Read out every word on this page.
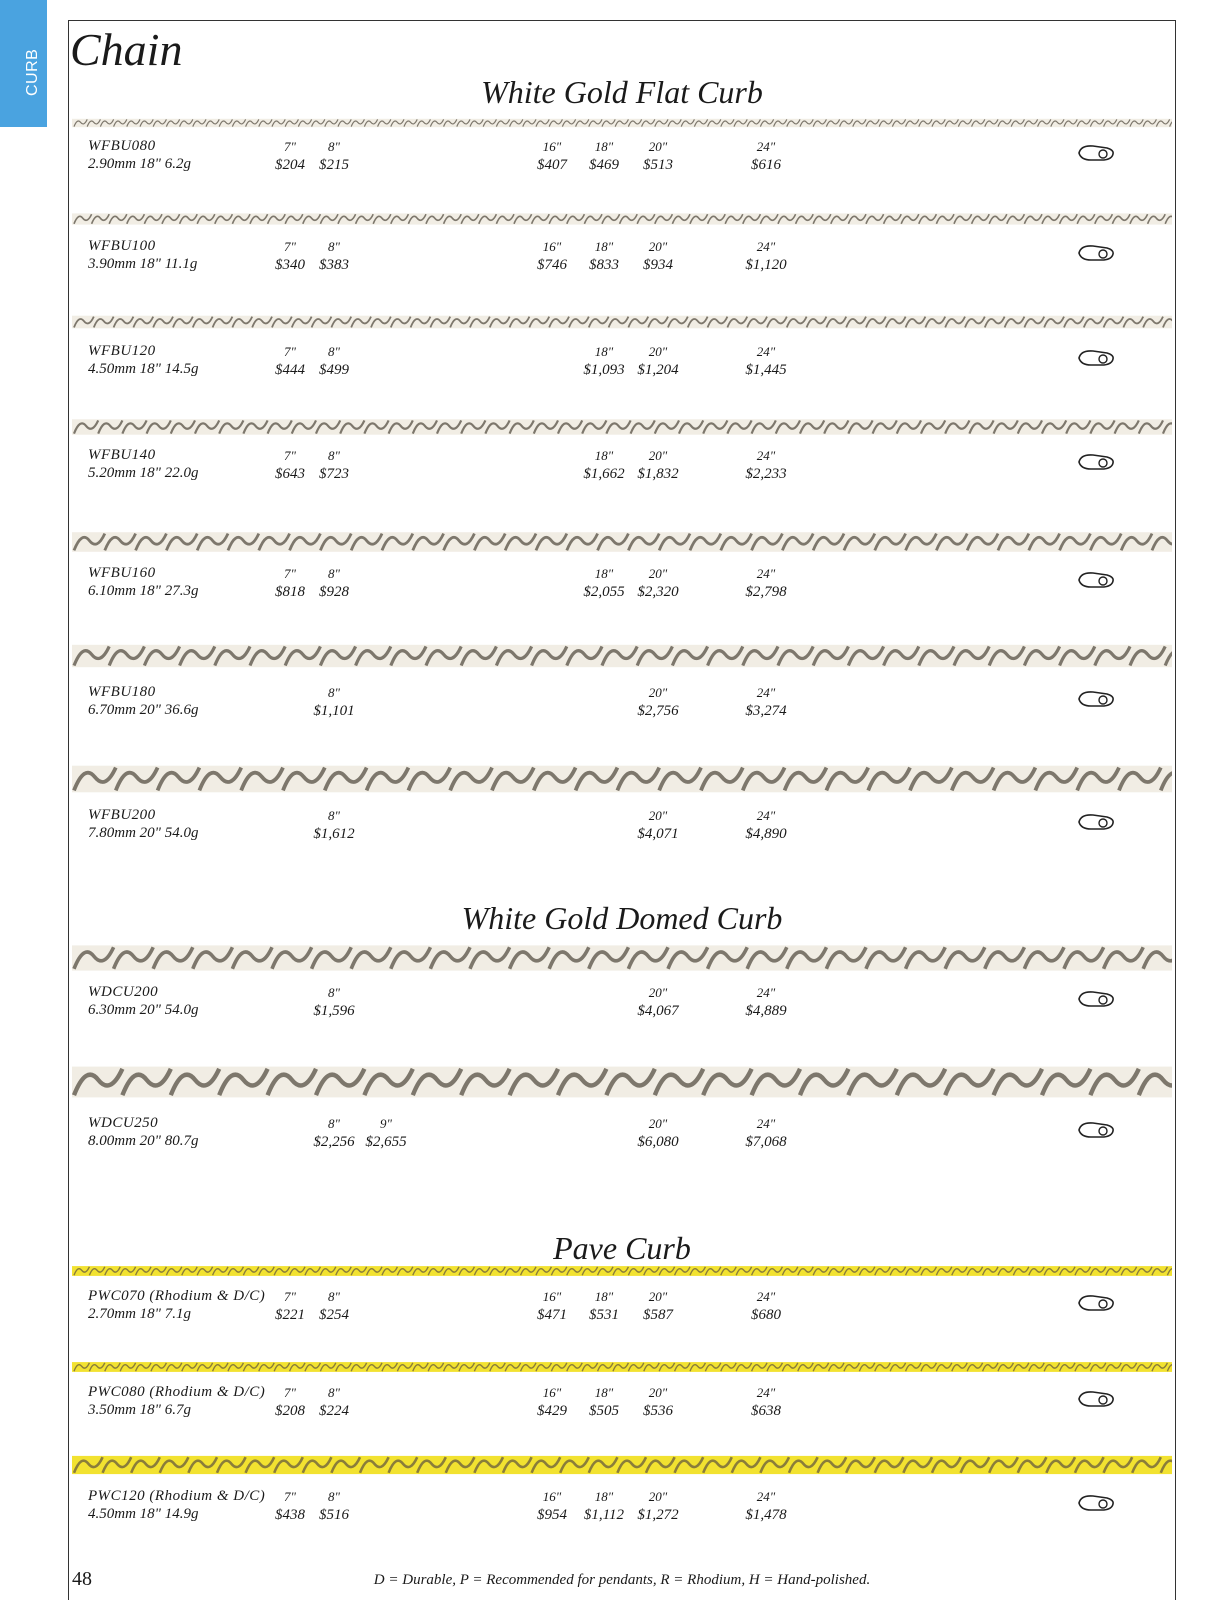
CURB Chain
White Gold Flat Curb
White Gold Domed Curb
Pave Curb
WFBU080
2.90mm 18" 6.2g
7"
$204
8"
$215
16"
$407
18"
$469
20"
$513
24"
$616
WFBU100
3.90mm 18" 11.1g
7"
$340
8"
$383
16"
$746
18"
$833
20"
$934
24"
$1,120
WFBU120
4.50mm 18" 14.5g
7"
$444
8"
$499
18"
$1,093
20"
$1,204
24"
$1,445
WFBU140
5.20mm 18" 22.0g
7"
$643
8"
$723
18"
$1,662
20"
$1,832
24"
$2,233
WFBU160
6.10mm 18" 27.3g
7"
$818
8"
$928
18"
$2,055
20"
$2,320
24"
$2,798
WFBU180
6.70mm 20" 36.6g
8"
$1,101
20"
$2,756
24"
$3,274
WFBU200
7.80mm 20" 54.0g
8"
$1,612
20"
$4,071
24"
$4,890
WDCU200
6.30mm 20" 54.0g
8"
$1,596
20"
$4,067
24"
$4,889
WDCU250
8.00mm 20" 80.7g
8"
$2,256
9"
$2,655
20"
$6,080
24"
$7,068
PWC070 (Rhodium & D/C)
2.70mm 18" 7.1g
7"
$221
8"
$254
16"
$471
18"
$531
20"
$587
24"
$680
PWC080 (Rhodium & D/C)
3.50mm 18" 6.7g
7"
$208
8"
$224
16"
$429
18"
$505
20"
$536
24"
$638
PWC120 (Rhodium & D/C)
4.50mm 18" 14.9g
7"
$438
8"
$516
16"
$954
18"
$1,112
20"
$1,272
24"
$1,478
48	D = Durable, P = Recommended for pendants, R = Rhodium, H = Hand-polished.
